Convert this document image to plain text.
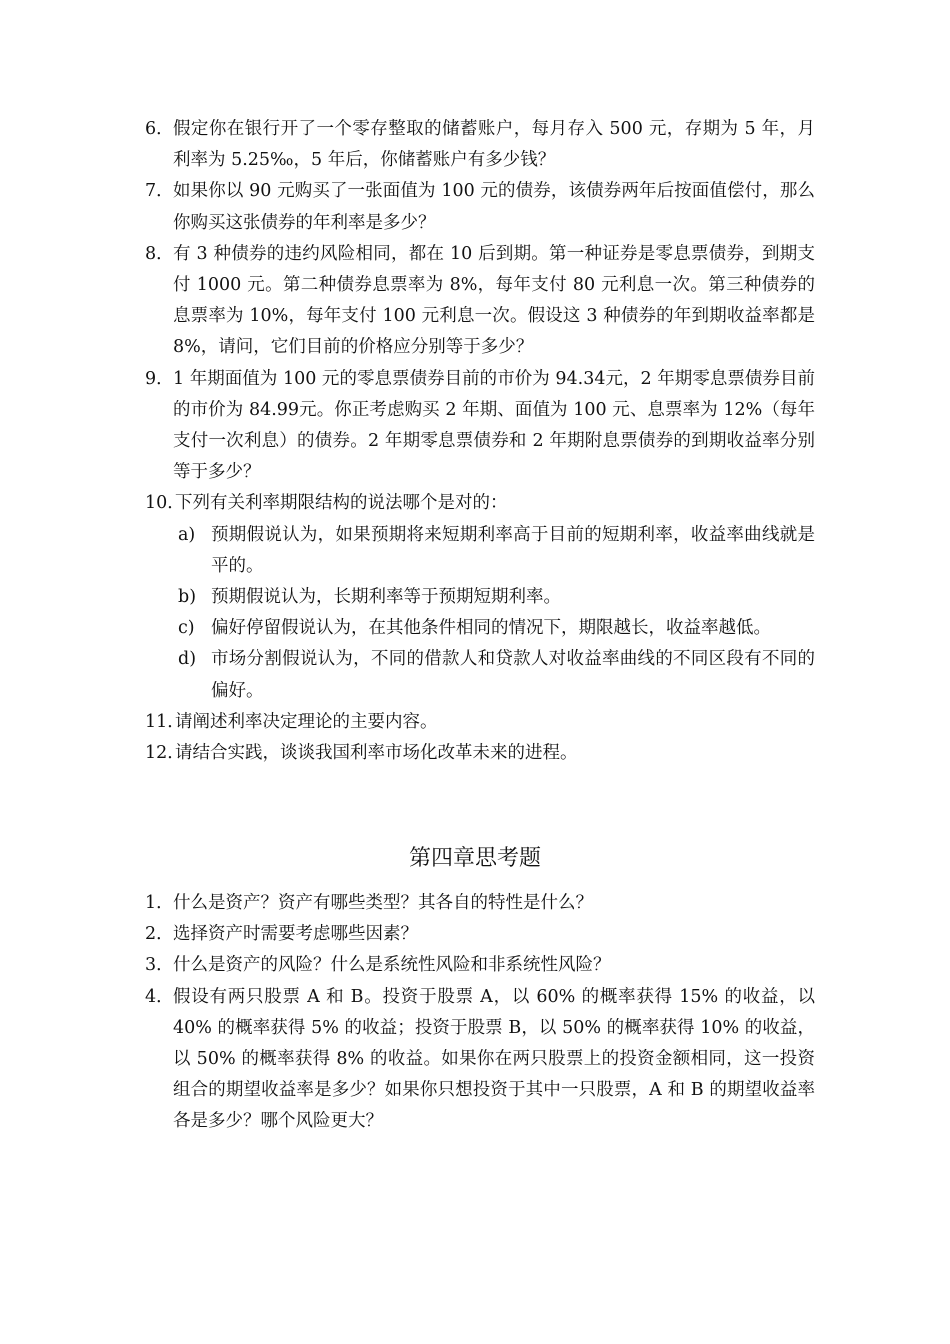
6． 假定你在银行开了一个零存整取的储蓄账户，每月存入 500 元，存期为 5 年，月利率为 5.25‰，5 年后，你储蓄账户有多少钱？
7． 如果你以 90 元购买了一张面值为 100 元的债券，该债券两年后按面值偿付，那么你购买这张债券的年利率是多少？
8． 有 3 种债券的违约风险相同，都在 10 后到期。第一种证券是零息票债券，到期支付 1000 元。第二种债券息票率为 8%，每年支付 80 元利息一次。第三种债券的息票率为 10%，每年支付 100 元利息一次。假设这 3 种债券的年到期收益率都是 8%，请问，它们目前的价格应分别等于多少？
9． 1 年期面值为 100 元的零息票债券目前的市价为 94.34元，2 年期零息票债券目前的市价为 84.99元。你正考虑购买 2 年期、面值为 100 元、息票率为 12%（每年支付一次利息）的债券。2 年期零息票债券和 2 年期附息票债券的到期收益率分别等于多少？
10．
下列有关利率期限结构的说法哪个是对的：
a) 预期假说认为，如果预期将来短期利率高于目前的短期利率，收益率曲线就是平的。
b) 预期假说认为，长期利率等于预期短期利率。
c) 偏好停留假说认为，在其他条件相同的情况下，期限越长，收益率越低。
d) 市场分割假说认为，不同的借款人和贷款人对收益率曲线的不同区段有不同的偏好。
11．
请阐述利率决定理论的主要内容。
12．
请结合实践，谈谈我国利率市场化改革未来的进程。
第四章思考题
1． 什么是资产？资产有哪些类型？其各自的特性是什么？
2． 选择资产时需要考虑哪些因素？
3． 什么是资产的风险？什么是系统性风险和非系统性风险？
4． 假设有两只股票 A 和 B。投资于股票 A，以 60% 的概率获得 15% 的收益，以 40% 的概率获得 5% 的收益；投资于股票 B，以 50% 的概率获得 10% 的收益，以 50% 的概率获得 8% 的收益。如果你在两只股票上的投资金额相同，这一投资组合的期望收益率是多少？如果你只想投资于其中一只股票，A 和 B 的期望收益率各是多少？哪个风险更大？
